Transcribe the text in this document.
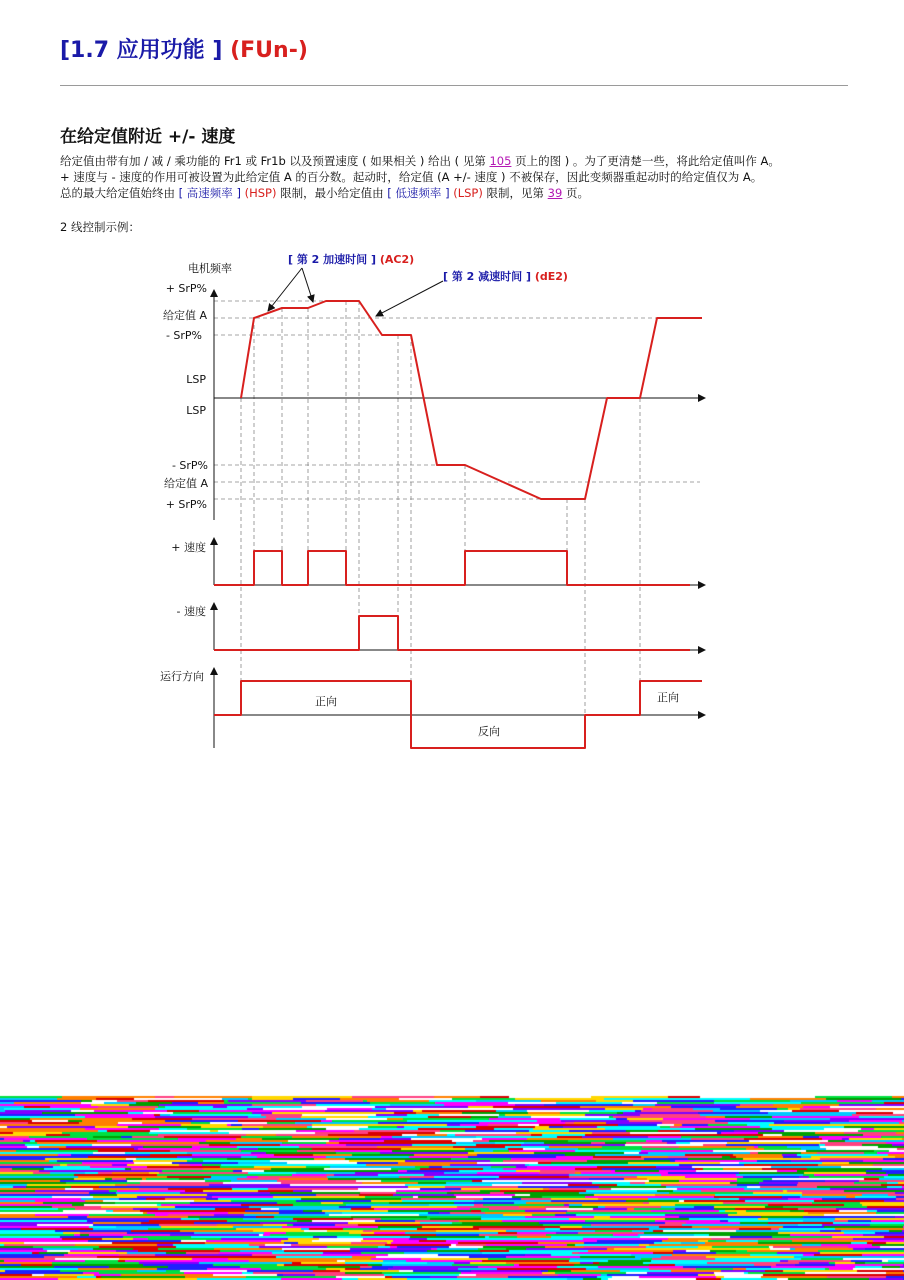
[1.7 应用功能 ] (FUn-)
在给定值附近 +/- 速度
给定值由带有加 / 减 / 乘功能的 Fr1 或 Fr1b 以及预置速度 ( 如果相关 ) 给出 ( 见第 105 页上的图 ) 。为了更清楚一些，将此给定值叫作 A。
+ 速度与 - 速度的作用可被设置为此给定值 A 的百分数。起动时，给定值 (A +/- 速度 ) 不被保存，因此变频器重起动时的给定值仅为 A。
总的最大给定值始终由 [ 高速频率 ] (HSP) 限制，最小给定值由 [ 低速频率 ] (LSP) 限制，见第 39 页。
2 线控制示例：
[ 第 2 加速时间 ] (AC2)
[ 第 2 减速时间 ] (dE2)
电机频率
+ SrP%
给定值 A
- SrP%
LSP
LSP
- SrP%
给定值 A
+ SrP%
+ 速度
- 速度
运行方向
正向
反向
正向
